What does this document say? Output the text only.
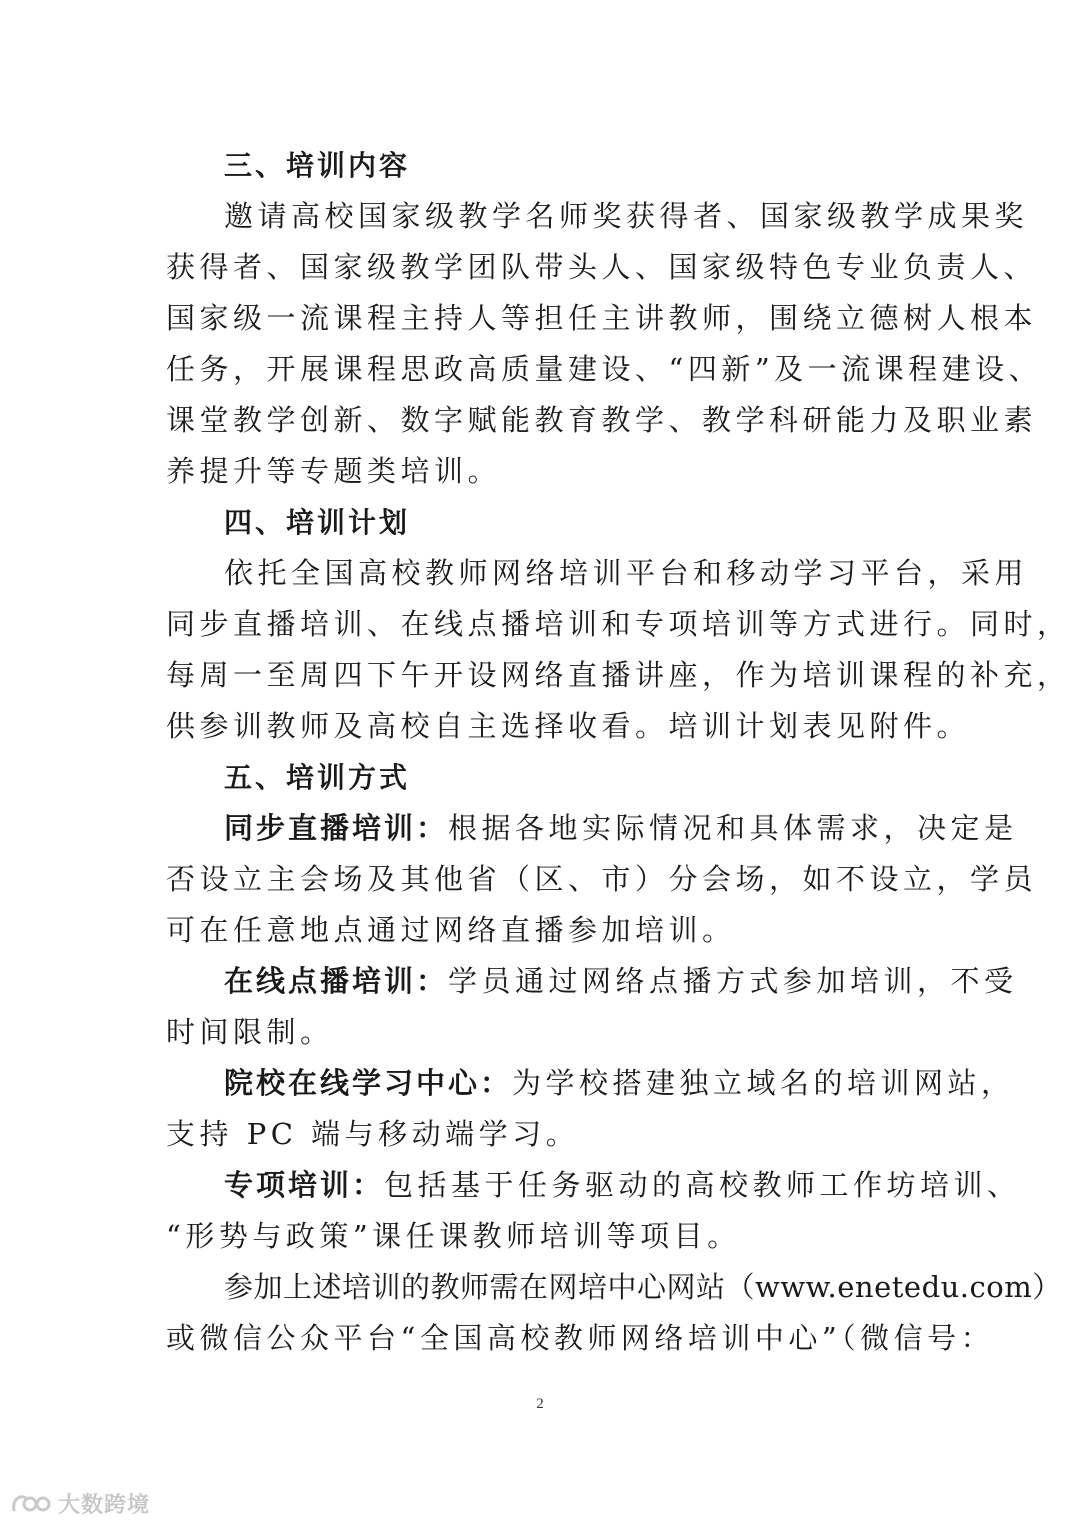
三、培训内容
邀请高校国家级教学名师奖获得者、国家级教学成果奖
获得者、国家级教学团队带头人、国家级特色专业负责人、
国家级一流课程主持人等担任主讲教师，围绕立德树人根本
任务，开展课程思政高质量建设、“四新”及一流课程建设、
课堂教学创新、数字赋能教育教学、教学科研能力及职业素
养提升等专题类培训。
四、培训计划
依托全国高校教师网络培训平台和移动学习平台，采用
同步直播培训、在线点播培训和专项培训等方式进行。同时，
每周一至周四下午开设网络直播讲座，作为培训课程的补充，
供参训教师及高校自主选择收看。培训计划表见附件。
五、培训方式
同步直播培训：根据各地实际情况和具体需求，决定是
否设立主会场及其他省（区、市）分会场，如不设立，学员
可在任意地点通过网络直播参加培训。
在线点播培训：学员通过网络点播方式参加培训，不受
时间限制。
院校在线学习中心：为学校搭建独立域名的培训网站，
支持 PC 端与移动端学习。
专项培训：包括基于任务驱动的高校教师工作坊培训、
“形势与政策”课任课教师培训等项目。
参加上述培训的教师需在网培中心网站（www.enetedu.com）
或微信公众平台“全国高校教师网络培训中心”（微信号：
2
大数跨境
